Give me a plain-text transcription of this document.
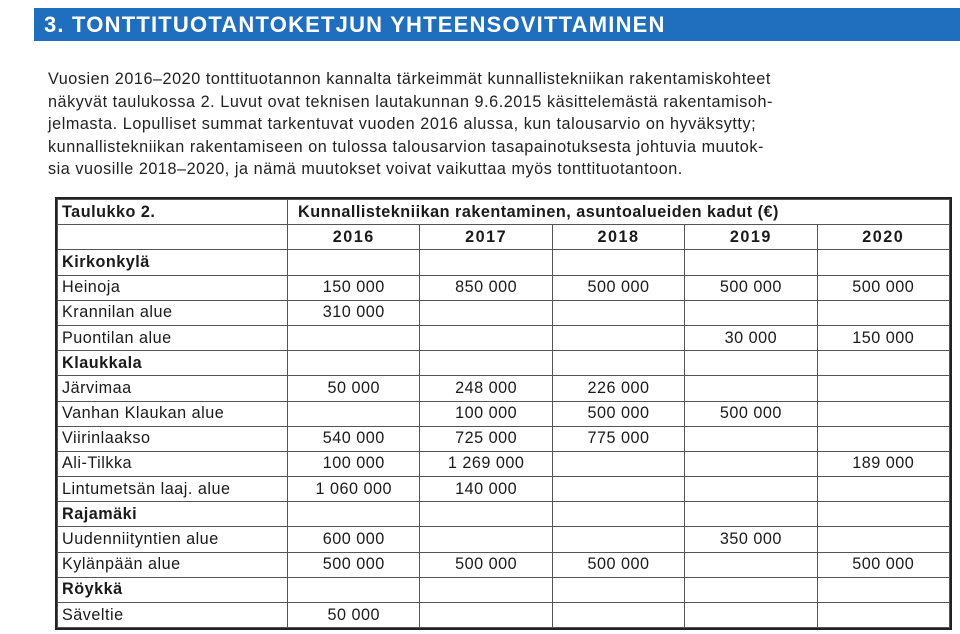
3. TONTTITUOTANTOKETJUN YHTEENSOVITTAMINEN
Vuosien 2016–2020 tonttituotannon kannalta tärkeimmät kunnallistekniikan rakentamiskohteet
näkyvät taulukossa 2. Luvut ovat teknisen lautakunnan 9.6.2015 käsittelemästä rakentamisoh-
jelmasta. Lopulliset summat tarkentuvat vuoden 2016 alussa, kun talousarvio on hyväksytty;
kunnallistekniikan rakentamiseen on tulossa talousarvion tasapainotuksesta johtuvia muutok-
sia vuosille 2018–2020, ja nämä muutokset voivat vaikuttaa myös tonttituotantoon.
Taulukko 2.	Kunnallistekniikan rakentaminen, asuntoalueiden kadut (€)				
	2016	2017	2018	2019	2020
Kirkonkylä					
Heinoja	150 000	850 000	500 000	500 000	500 000
Krannilan alue	310 000				
Puontilan alue				30 000	150 000
Klaukkala					
Järvimaa	50 000	248 000	226 000		
Vanhan Klaukan alue		100 000	500 000	500 000	
Viirinlaakso	540 000	725 000	775 000		
Ali-Tilkka	100 000	1 269 000			189 000
Lintumetsän laaj. alue	1 060 000	140 000			
Rajamäki					
Uudenniityntien alue	600 000			350 000	
Kylänpään alue	500 000	500 000	500 000		500 000
Röykkä					
Säveltie	50 000				
